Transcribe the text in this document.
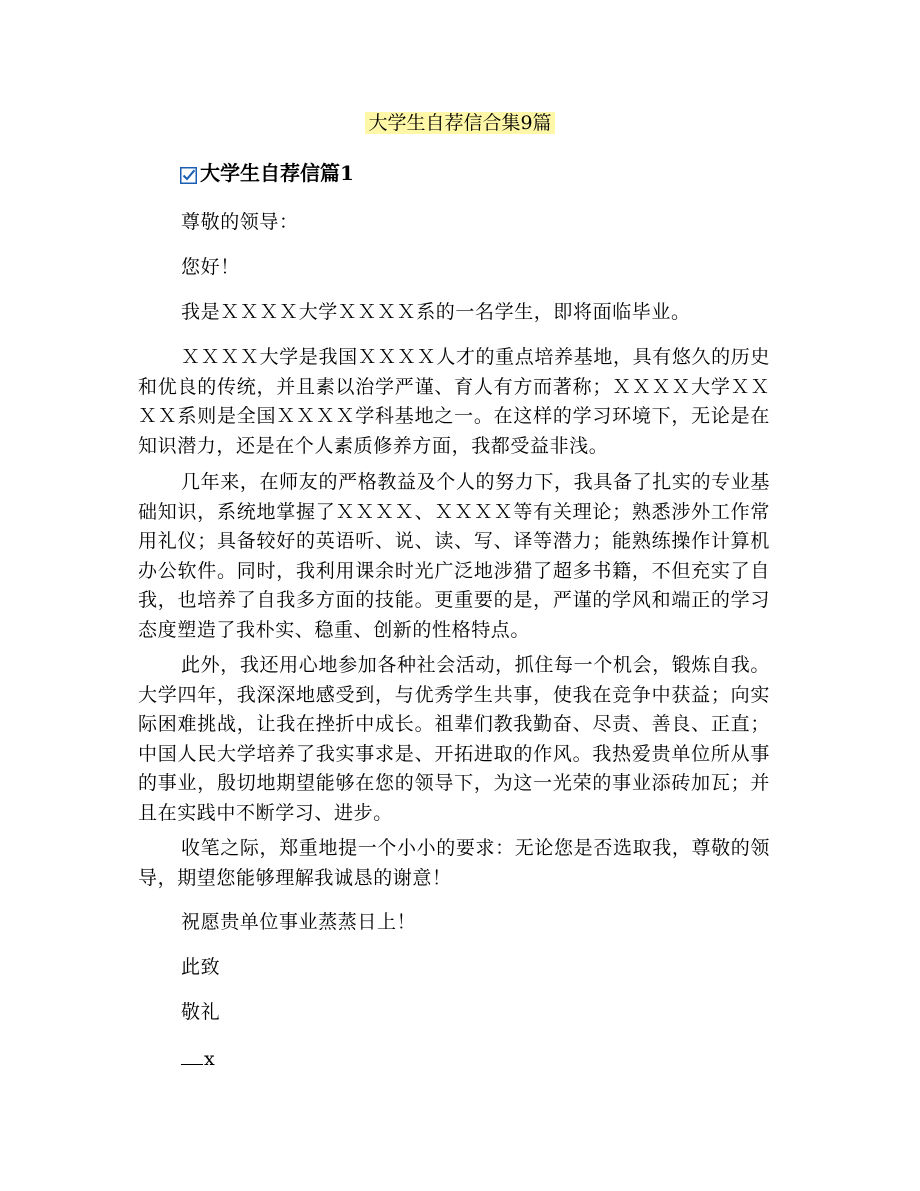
大学生自荐信合集9篇
大学生自荐信篇1
尊敬的领导：
您好！
我是ＸＸＸＸ大学ＸＸＸＸ系的一名学生，即将面临毕业。

ＸＸＸＸ大学是我国ＸＸＸＸ人才的重点培养基地，具有悠久的历史和优良的传统，并且素以治学严谨、育人有方而著称；ＸＸＸＸ大学ＸＸＸＸ系则是全国ＸＸＸＸ学科基地之一。在这样的学习环境下，无论是在知识潜力，还是在个人素质修养方面，我都受益非浅。

几年来，在师友的严格教益及个人的努力下，我具备了扎实的专业基础知识，系统地掌握了ＸＸＸＸ、ＸＸＸＸ等有关理论；熟悉涉外工作常用礼仪；具备较好的英语听、说、读、写、译等潜力；能熟练操作计算机办公软件。同时，我利用课余时光广泛地涉猎了超多书籍，不但充实了自我，也培养了自我多方面的技能。更重要的是，严谨的学风和端正的学习态度塑造了我朴实、稳重、创新的性格特点。

此外，我还用心地参加各种社会活动，抓住每一个机会，锻炼自我。大学四年，我深深地感受到，与优秀学生共事，使我在竞争中获益；向实际困难挑战，让我在挫折中成长。祖辈们教我勤奋、尽责、善良、正直；中国人民大学培养了我实事求是、开拓进取的作风。我热爱贵单位所从事的事业，殷切地期望能够在您的领导下，为这一光荣的事业添砖加瓦；并且在实践中不断学习、进步。

收笔之际，郑重地提一个小小的要求：无论您是否选取我，尊敬的领导，期望您能够理解我诚恳的谢意！

祝愿贵单位事业蒸蒸日上！
此致
敬礼
x
